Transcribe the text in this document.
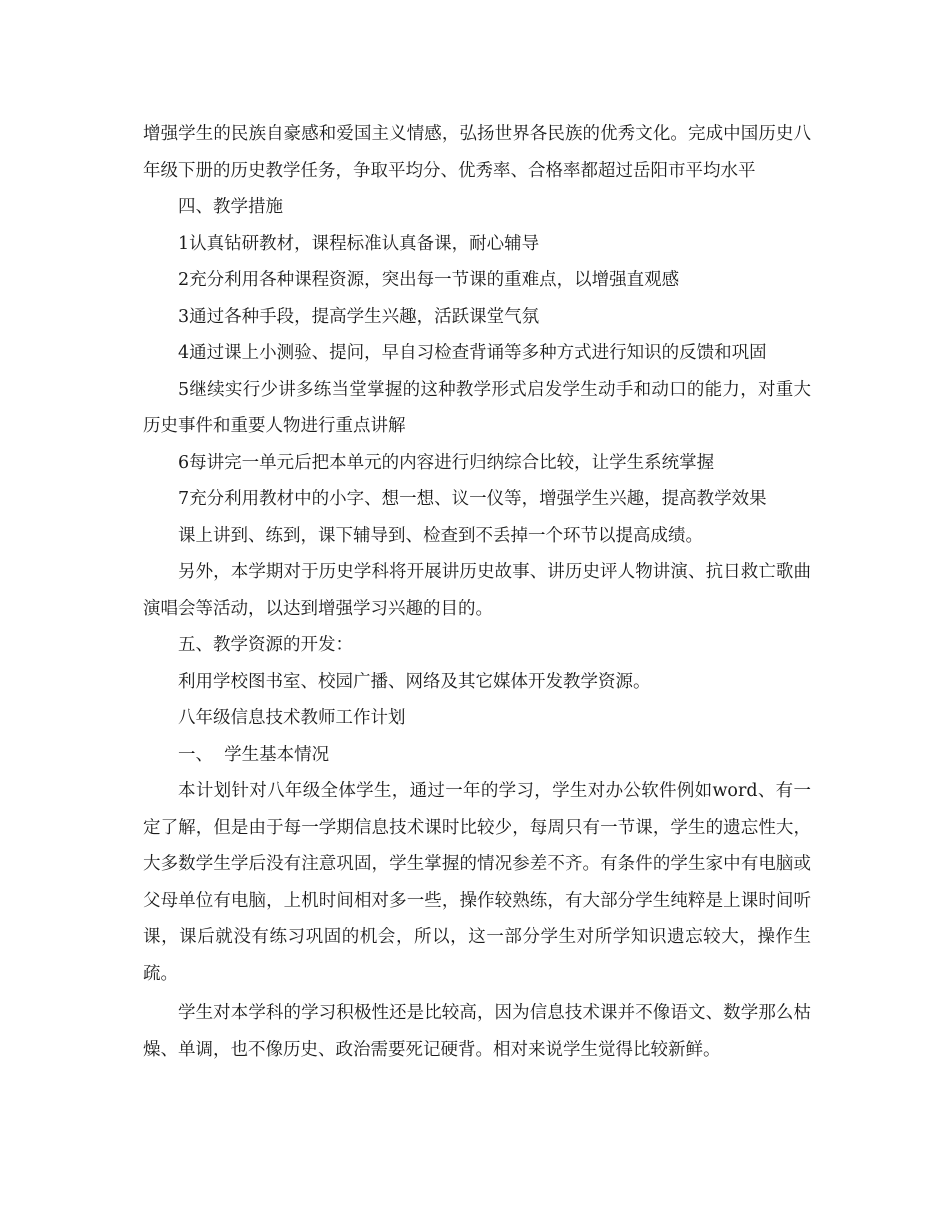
增强学生的民族自豪感和爱国主义情感，弘扬世界各民族的优秀文化。完成中国历史八年级下册的历史教学任务，争取平均分、优秀率、合格率都超过岳阳市平均水平

四、教学措施

1认真钻研教材，课程标准认真备课，耐心辅导

2充分利用各种课程资源，突出每一节课的重难点，以增强直观感

3通过各种手段，提高学生兴趣，活跃课堂气氛

4通过课上小测验、提问，早自习检查背诵等多种方式进行知识的反馈和巩固

5继续实行少讲多练当堂掌握的这种教学形式启发学生动手和动口的能力，对重大历史事件和重要人物进行重点讲解

6每讲完一单元后把本单元的内容进行归纳综合比较，让学生系统掌握

7充分利用教材中的小字、想一想、议一仪等，增强学生兴趣，提高教学效果

课上讲到、练到，课下辅导到、检查到不丢掉一个环节以提高成绩。

另外，本学期对于历史学科将开展讲历史故事、讲历史评人物讲演、抗日救亡歌曲演唱会等活动，以达到增强学习兴趣的目的。

五、教学资源的开发：

利用学校图书室、校园广播、网络及其它媒体开发教学资源。

八年级信息技术教师工作计划

一、  学生基本情况

本计划针对八年级全体学生，通过一年的学习，学生对办公软件例如word、有一定了解，但是由于每一学期信息技术课时比较少，每周只有一节课，学生的遗忘性大，大多数学生学后没有注意巩固，学生掌握的情况参差不齐。有条件的学生家中有电脑或父母单位有电脑，上机时间相对多一些，操作较熟练，有大部分学生纯粹是上课时间听课，课后就没有练习巩固的机会，所以，这一部分学生对所学知识遗忘较大，操作生疏。

学生对本学科的学习积极性还是比较高，因为信息技术课并不像语文、数学那么枯燥、单调，也不像历史、政治需要死记硬背。相对来说学生觉得比较新鲜。
